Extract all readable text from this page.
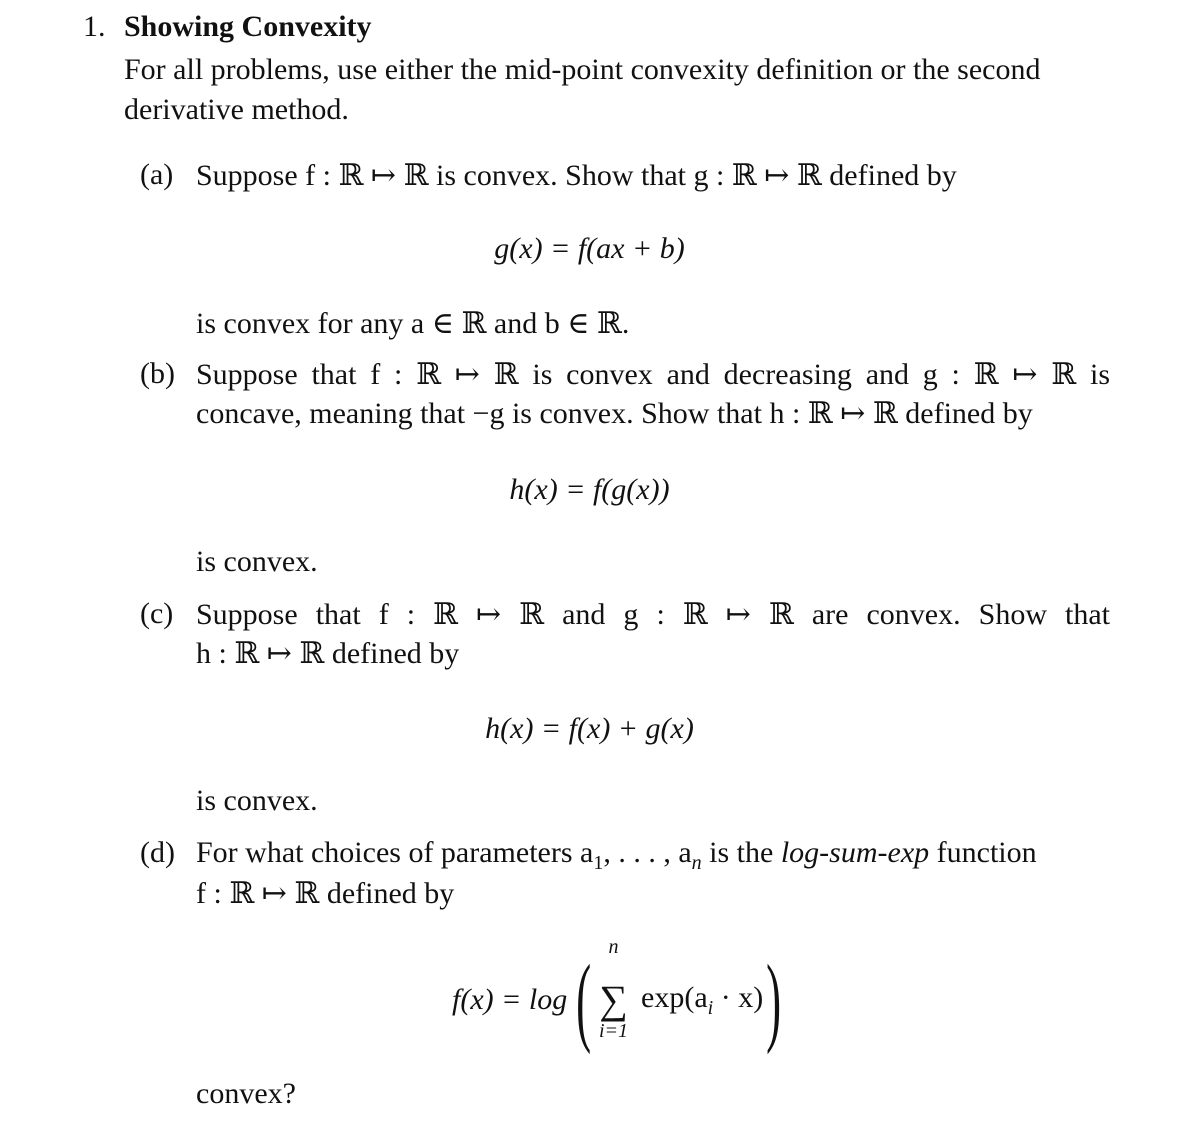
1. Showing Convexity
For all problems, use either the mid-point convexity definition or the second
derivative method.
(a) Suppose f : ℝ ↦ ℝ is convex. Show that g : ℝ ↦ ℝ defined by
g(x) = f(ax + b)
is convex for any a ∈ ℝ and b ∈ ℝ.
(b) Suppose that f : ℝ ↦ ℝ is convex and decreasing and g : ℝ ↦ ℝ is
concave, meaning that −g is convex. Show that h : ℝ ↦ ℝ defined by
h(x) = f(g(x))
is convex.
(c) Suppose that f : ℝ ↦ ℝ and g : ℝ ↦ ℝ are convex. Show that
h : ℝ ↦ ℝ defined by
h(x) = f(x) + g(x)
is convex.
(d) For what choices of parameters $a_1$, . . . , $a_n$ is the log-sum-exp function
f : ℝ ↦ ℝ defined by
f(x) = log ( n
∑
i=1
$\exp(a_i \cdot x)$ )
convex?
